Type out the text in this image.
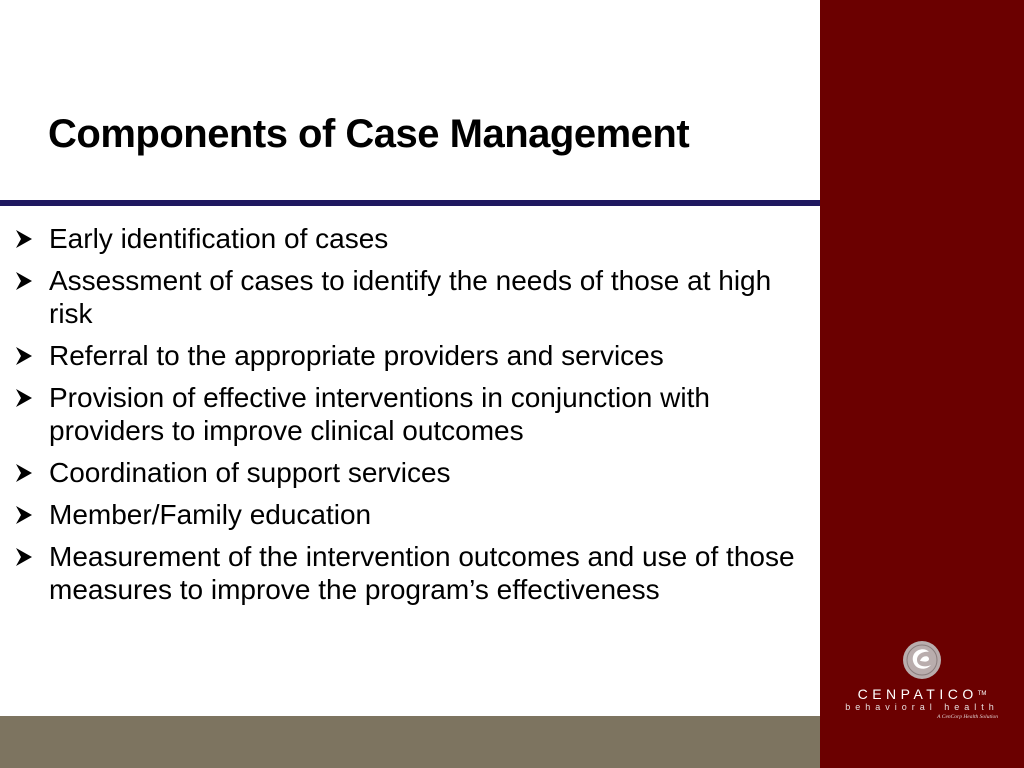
Components of Case Management
Early identification of cases
Assessment of cases to identify the needs of those at high risk
Referral to the appropriate providers and services
Provision of effective interventions in conjunction with providers to improve clinical outcomes
Coordination of support services
Member/Family education
Measurement of the intervention outcomes and use of those measures to improve the program’s effectiveness
CENPATICO™
behavioral health
A CenCorp Health Solution
